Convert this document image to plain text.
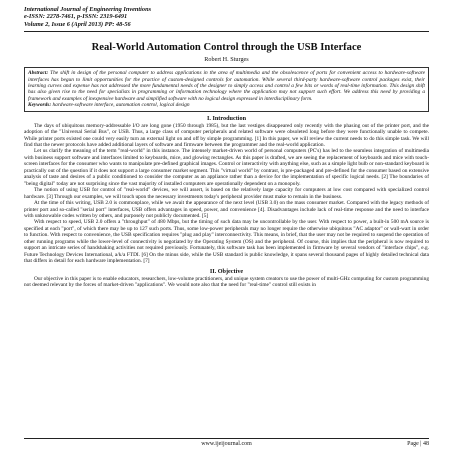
International Journal of Engineering Inventions
e-ISSN: 2278-7461, p-ISSN: 2319-6491
Volume 2, Issue 6 (April 2013) PP: 48-56
Real-World Automation Control through the USB Interface
Robert H. Sturges
Abstract: The shift in design of the personal computer to address applications in the area of multimedia and the obsolescence of ports for convenient access to hardware-software interfaces has begun to limit opportunities for the practice of custom-designed controls for automation. While several third-party hardware-software control packages exist, their learning curves and expense has not addressed the more fundamental needs of the designer to simply access and control a few bits or words of real-time information. This design shift has also given rise to the need for specialists in programming or information technology where the application may not support such effort. We address this need by providing a framework and examples of inexpensive hardware and simplified software with no logical design expressed in interdisciplinary form.
Keywords: hardware-software interface, automation control, logical design
I. Introduction

The days of ubiquitous memory-addressable I/O are long gone (1950 through 1985), but the last vestiges disappeared only recently with the phasing out of the printer port, and the adoption of the "Universal Serial Bus", or USB. Thus, a large class of computer peripherals and related software were obsoleted long before they were functionally unable to compete. While printer ports existed one could very easily turn an external light on and off by simple programming. [1] In this paper, we will review the current needs to do this simple task. We will find that the newer protocols have added additional layers of software and firmware between the programmer and the real-world application.

Let us clarify the meaning of the term "real-world" in this instance. The intensely market-driven world of personal computers (PC's) has led to the seamless integration of multimedia with business support software and interfaces limited to keyboards, mice, and glowing rectangles. As this paper is drafted, we are seeing the replacement of keyboards and mice with touch-screen interfaces for the consumer who wants to manipulate pre-defined graphical images. Control or interactivity with anything else, such as a simple light bulb or non-standard keyboard is practically out of the question if it does not support a large consumer market segment. This "virtual world" by contrast, is pre-packaged and pre-defined for the consumer based on extensive analysis of taste and desires of a public conditioned to consider the computer as an appliance rather than a device for the implementation of specific logical needs. [2] The boundaries of "being digital" today are not surprising since the vast majority of installed computers are operationally dependent on a monopoly.

The notion of using USB for control of "real-world" devices, we will assert, is based on the relatively large capacity for computers at low cost compared with specialized control hardware. [3] Through our examples, we will touch upon the necessary investments today's peripheral provider must make to remain in the business.

At the time of this writing, USB 2.0 is commonplace, while we await the appearance of the next level (USB 3.0) on the mass consumer market. Compared with the legacy methods of printer port and so-called "serial port" interfaces, USB offers advantages in speed, power, and convenience [4]. Disadvantages include lack of real-time response and the need to interface with unknowable codes written by others, and purposely not publicly documented. [5]

With respect to speed, USB 2.0 offers a "throughput" of 480 Mbps, but the timing of such data may be uncontrollable by the user. With respect to power, a built-in 500 mA source is specified at each "port", of which there may be up to 127 such ports. Thus, some low-power peripherals may no longer require the otherwise ubiquitous "AC adaptor" or wall-wart in order to function. With respect to convenience, the USB specification requires "plug and play" interconnectivity. This means, in brief, that the user may not be required to suspend the operation of other running programs while the lower-level of connectivity is negotiated by the Operating System (OS) and the peripheral. Of course, this implies that the peripheral is now required to support an intricate series of handshaking activities not required previously. Fortunately, this software task has been implemented in firmware by several vendors of "interface chips", e.g. Future Technology Devices International, a/k/a FTDI. [6] On the minus side, while the USB standard is public knowledge, it spans several thousand pages of highly detailed technical data that differs in detail for each hardware implementation. [7]

II. Objective

Our objective in this paper is to enable educators, researchers, low-volume practitioners, and unique system creators to use the power of multi-GHz computing for custom programming not deemed relevant by the forces of market-driven "applications". We would note also that the need for "real-time" control still exists in

www.ijeijournal.com	Page | 48
